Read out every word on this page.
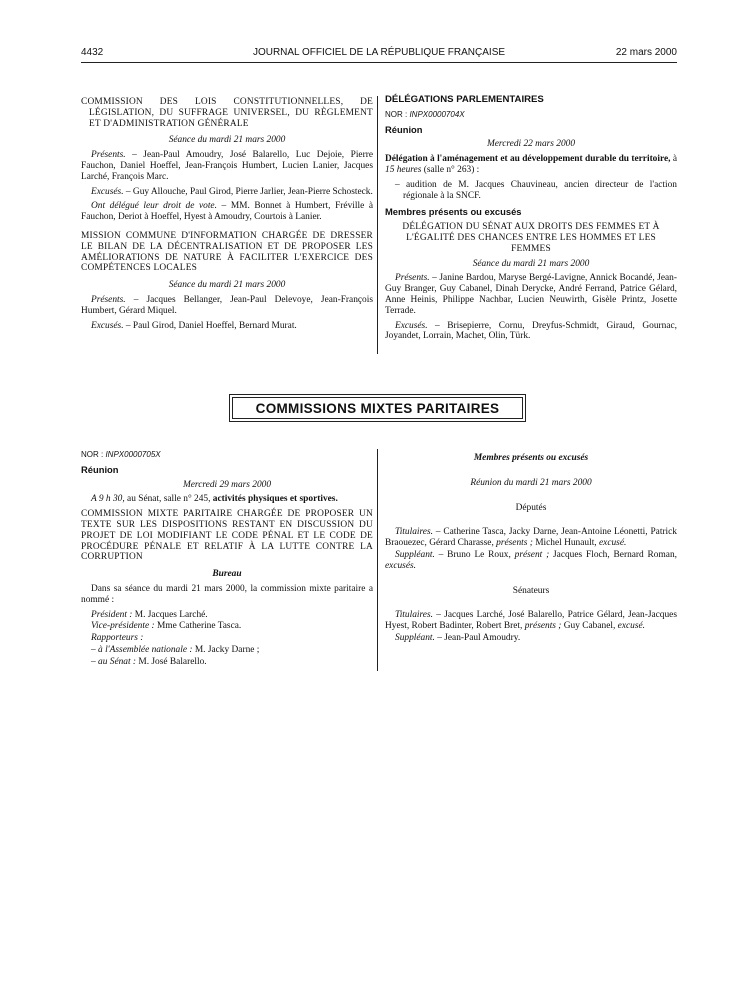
4432	JOURNAL OFFICIEL DE LA RÉPUBLIQUE FRANÇAISE	22 mars 2000

COMMISSION DES LOIS CONSTITUTIONNELLES, DE LÉGISLATION, DU SUFFRAGE UNIVERSEL, DU RÈGLEMENT ET D'ADMINISTRATION GÉNÉRALE

Séance du mardi 21 mars 2000

Présents. – Jean-Paul Amoudry, José Balarello, Luc Dejoie, Pierre Fauchon, Daniel Hoeffel, Jean-François Humbert, Lucien Lanier, Jacques Larché, François Marc.

Excusés. – Guy Allouche, Paul Girod, Pierre Jarlier, Jean-Pierre Schosteck.

Ont délégué leur droit de vote. – MM. Bonnet à Humbert, Fréville à Fauchon, Deriot à Hoeffel, Hyest à Amoudry, Courtois à Lanier.

MISSION COMMUNE D'INFORMATION CHARGÉE DE DRESSER LE BILAN DE LA DÉCENTRALISATION ET DE PROPOSER LES AMÉLIORATIONS DE NATURE À FACILITER L'EXERCICE DES COMPÉTENCES LOCALES

Séance du mardi 21 mars 2000

Présents. – Jacques Bellanger, Jean-Paul Delevoye, Jean-François Humbert, Gérard Miquel.

Excusés. – Paul Girod, Daniel Hoeffel, Bernard Murat.

DÉLÉGATIONS PARLEMENTAIRES

NOR : INPX0000704X

Réunion

Mercredi 22 mars 2000

Délégation à l'aménagement et au développement durable du territoire, à 15 heures (salle n° 263) :

– audition de M. Jacques Chauvineau, ancien directeur de l'action régionale à la SNCF.

Membres présents ou excusés

DÉLÉGATION DU SÉNAT AUX DROITS DES FEMMES ET À L'ÉGALITÉ DES CHANCES ENTRE LES HOMMES ET LES FEMMES

Séance du mardi 21 mars 2000

Présents. – Janine Bardou, Maryse Bergé-Lavigne, Annick Bocandé, Jean-Guy Branger, Guy Cabanel, Dinah Derycke, André Ferrand, Patrice Gélard, Anne Heinis, Philippe Nachbar, Lucien Neuwirth, Gisèle Printz, Josette Terrade.

Excusés. – Brisepierre, Cornu, Dreyfus-Schmidt, Giraud, Gournac, Joyandet, Lorrain, Machet, Olin, Türk.

COMMISSIONS MIXTES PARITAIRES

NOR : INPX0000705X

Réunion

Mercredi 29 mars 2000

A 9 h 30, au Sénat, salle n° 245, activités physiques et sportives.

COMMISSION MIXTE PARITAIRE CHARGÉE DE PROPOSER UN TEXTE SUR LES DISPOSITIONS RESTANT EN DISCUSSION DU PROJET DE LOI MODIFIANT LE CODE PÉNAL ET LE CODE DE PROCÉDURE PÉNALE ET RELATIF À LA LUTTE CONTRE LA CORRUPTION

Bureau

Dans sa séance du mardi 21 mars 2000, la commission mixte paritaire a nommé :

Président : M. Jacques Larché.

Vice-présidente : Mme Catherine Tasca.

Rapporteurs :

– à l'Assemblée nationale : M. Jacky Darne ;

– au Sénat : M. José Balarello.

Membres présents ou excusés

Réunion du mardi 21 mars 2000

Députés

Titulaires. – Catherine Tasca, Jacky Darne, Jean-Antoine Léonetti, Patrick Braouezec, Gérard Charasse, présents ; Michel Hunault, excusé.

Suppléant. – Bruno Le Roux, présent ; Jacques Floch, Bernard Roman, excusés.

Sénateurs

Titulaires. – Jacques Larché, José Balarello, Patrice Gélard, Jean-Jacques Hyest, Robert Badinter, Robert Bret, présents ; Guy Cabanel, excusé.

Suppléant. – Jean-Paul Amoudry.
